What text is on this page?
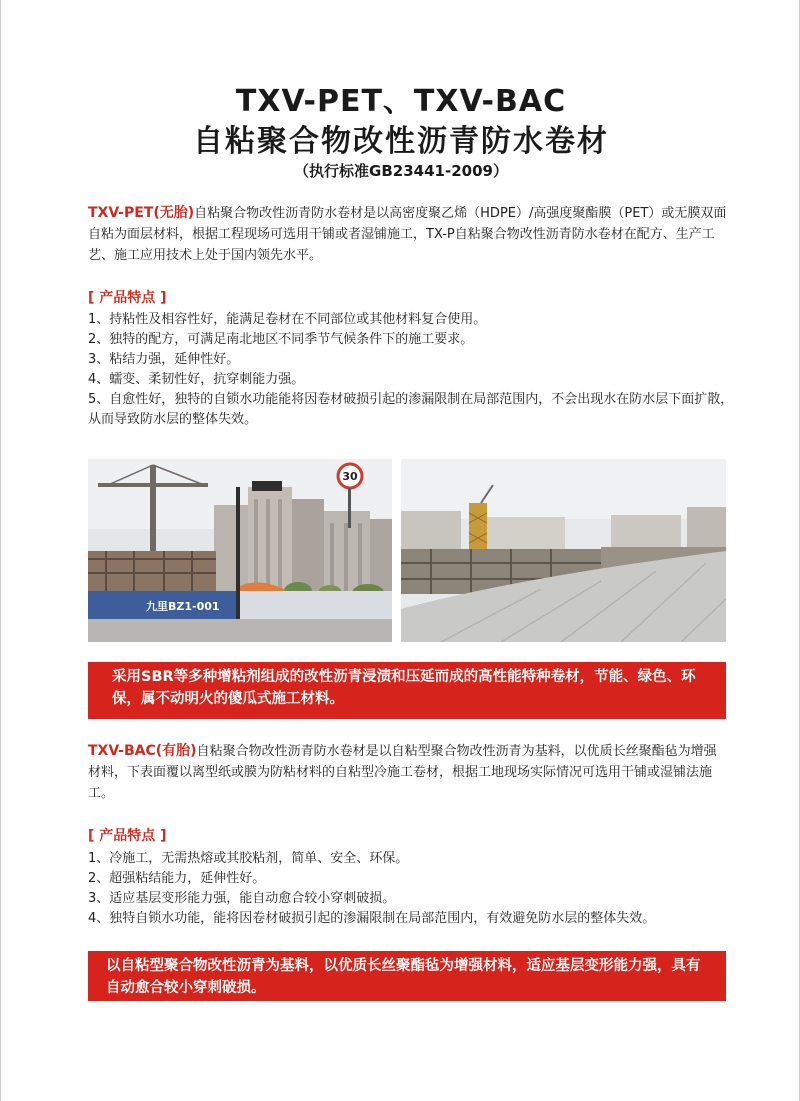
TXV-PET、TXV-BAC
自粘聚合物改性沥青防水卷材
（执行标准GB23441-2009）
TXV-PET(无胎)自粘聚合物改性沥青防水卷材是以高密度聚乙烯（HDPE）/高强度聚酯膜（PET）或无膜双面自粘为面层材料，根据工程现场可选用干铺或者湿铺施工，TX-P自粘聚合物改性沥青防水卷材在配方、生产工艺、施工应用技术上处于国内领先水平。
[ 产品特点 ]
1、持粘性及相容性好，能满足卷材在不同部位或其他材料复合使用。
2、独特的配方，可满足南北地区不同季节气候条件下的施工要求。
3、粘结力强，延伸性好。
4、蠕变、柔韧性好，抗穿刺能力强。
5、自愈性好，独特的自锁水功能能将因卷材破损引起的渗漏限制在局部范围内，不会出现水在防水层下面扩散，从而导致防水层的整体失效。
九里BZ1-001
30
采用SBR等多种增粘剂组成的改性沥青浸渍和压延而成的高性能特种卷材，节能、绿色、环保，属不动明火的傻瓜式施工材料。
TXV-BAC(有胎)自粘聚合物改性沥青防水卷材是以自粘型聚合物改性沥青为基料，以优质长丝聚酯毡为增强材料，下表面覆以离型纸或膜为防粘材料的自粘型冷施工卷材，根据工地现场实际情况可选用干铺或湿铺法施工。
[ 产品特点 ]
1、冷施工，无需热熔或其胶粘剂，简单、安全、环保。
2、超强粘结能力，延伸性好。
3、适应基层变形能力强，能自动愈合较小穿刺破损。
4、独特自锁水功能，能将因卷材破损引起的渗漏限制在局部范围内，有效避免防水层的整体失效。
以自粘型聚合物改性沥青为基料，以优质长丝聚酯毡为增强材料，适应基层变形能力强，具有自动愈合较小穿刺破损。
